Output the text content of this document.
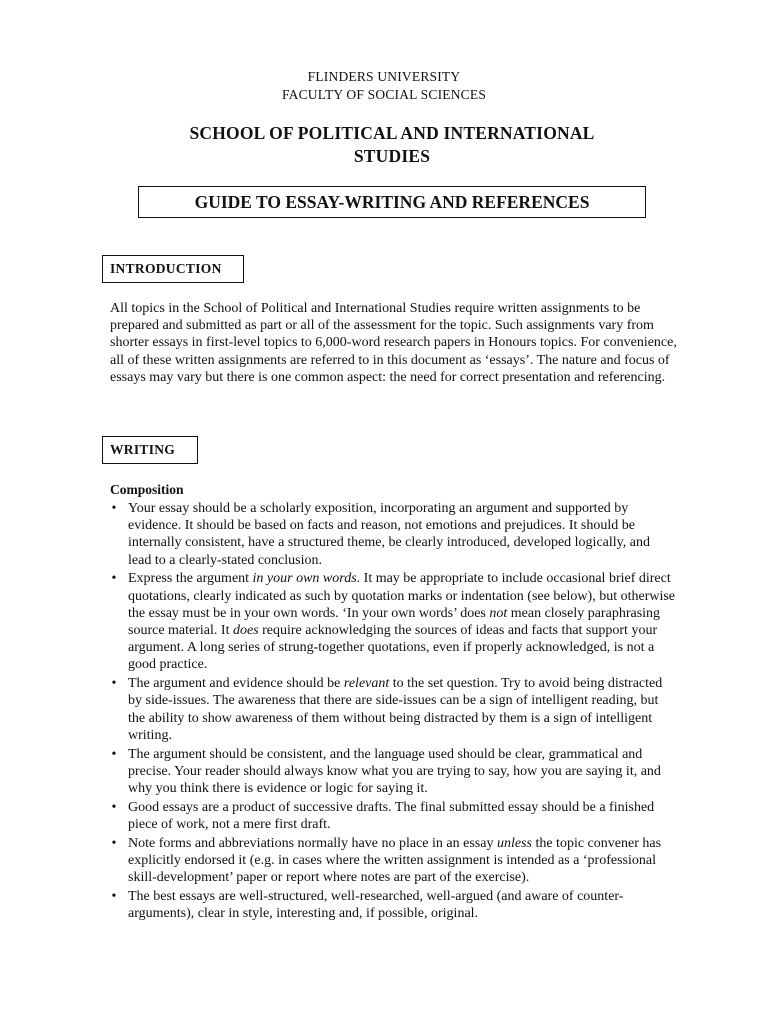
FLINDERS UNIVERSITY
FACULTY OF SOCIAL SCIENCES
SCHOOL OF POLITICAL AND INTERNATIONAL
STUDIES
GUIDE TO ESSAY-WRITING AND REFERENCES
INTRODUCTION

All topics in the School of Political and International Studies require written assignments to be prepared and submitted as part or all of the assessment for the topic. Such assignments vary from shorter essays in first-level topics to 6,000-word research papers in Honours topics. For convenience, all of these written assignments are referred to in this document as ‘essays’. The nature and focus of essays may vary but there is one common aspect: the need for correct presentation and referencing.

WRITING

Composition

• Your essay should be a scholarly exposition, incorporating an argument and supported by evidence. It should be based on facts and reason, not emotions and prejudices. It should be internally consistent, have a structured theme, be clearly introduced, developed logically, and lead to a clearly-stated conclusion.
• Express the argument in your own words. It may be appropriate to include occasional brief direct quotations, clearly indicated as such by quotation marks or indentation (see below), but otherwise the essay must be in your own words. ‘In your own words’ does not mean closely paraphrasing source material. It does require acknowledging the sources of ideas and facts that support your argument. A long series of strung-together quotations, even if properly acknowledged, is not a good practice.
• The argument and evidence should be relevant to the set question. Try to avoid being distracted by side-issues. The awareness that there are side-issues can be a sign of intelligent reading, but the ability to show awareness of them without being distracted by them is a sign of intelligent writing.
• The argument should be consistent, and the language used should be clear, grammatical and precise. Your reader should always know what you are trying to say, how you are saying it, and why you think there is evidence or logic for saying it.
• Good essays are a product of successive drafts. The final submitted essay should be a finished piece of work, not a mere first draft.
• Note forms and abbreviations normally have no place in an essay unless the topic convener has explicitly endorsed it (e.g. in cases where the written assignment is intended as a ‘professional skill-development’ paper or report where notes are part of the exercise).
• The best essays are well-structured, well-researched, well-argued (and aware of counter-arguments), clear in style, interesting and, if possible, original.
